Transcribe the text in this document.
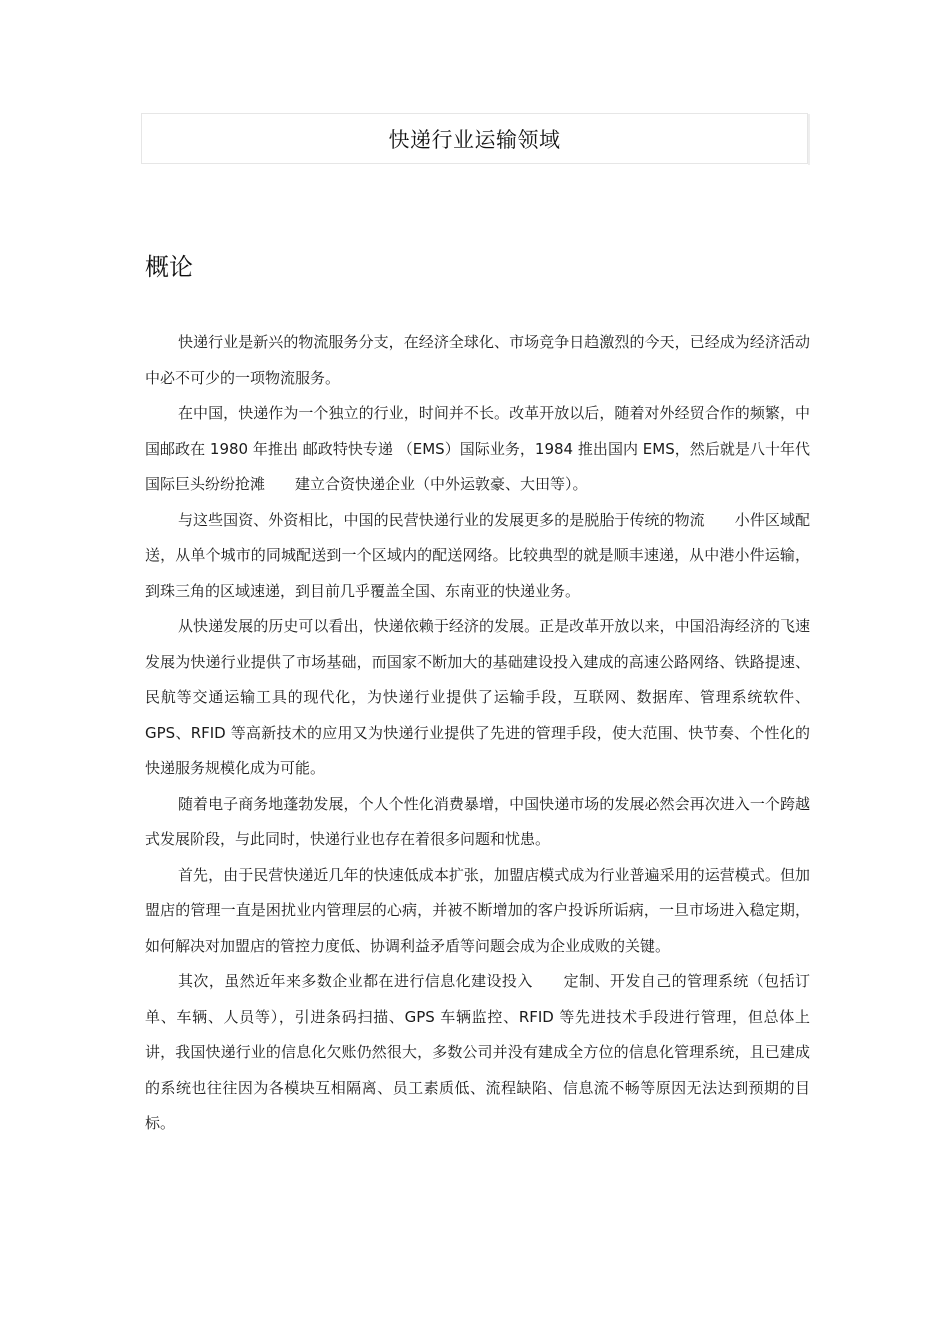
快递行业运输领域
概论

快递行业是新兴的物流服务分支，在经济全球化、市场竞争日趋激烈的今天，已经成为经济活动中必不可少的一项物流服务。

在中国，快递作为一个独立的行业，时间并不长。改革开放以后，随着对外经贸合作的频繁，中国邮政在 1980 年推出 邮政特快专递 （EMS）国际业务，1984 推出国内 EMS，然后就是八十年代国际巨头纷纷抢滩　　建立合资快递企业（中外运敦豪、大田等）。

与这些国资、外资相比，中国的民营快递行业的发展更多的是脱胎于传统的物流　　小件区域配送，从单个城市的同城配送到一个区域内的配送网络。比较典型的就是顺丰速递，从中港小件运输，到珠三角的区域速递，到目前几乎覆盖全国、东南亚的快递业务。

从快递发展的历史可以看出，快递依赖于经济的发展。正是改革开放以来，中国沿海经济的飞速发展为快递行业提供了市场基础，而国家不断加大的基础建设投入建成的高速公路网络、铁路提速、民航等交通运输工具的现代化，为快递行业提供了运输手段，互联网、数据库、管理系统软件、GPS、RFID 等高新技术的应用又为快递行业提供了先进的管理手段，使大范围、快节奏、个性化的快递服务规模化成为可能。

随着电子商务地蓬勃发展，个人个性化消费暴增，中国快递市场的发展必然会再次进入一个跨越式发展阶段，与此同时，快递行业也存在着很多问题和忧患。

首先，由于民营快递近几年的快速低成本扩张，加盟店模式成为行业普遍采用的运营模式。但加盟店的管理一直是困扰业内管理层的心病，并被不断增加的客户投诉所诟病，一旦市场进入稳定期，如何解决对加盟店的管控力度低、协调利益矛盾等问题会成为企业成败的关键。

其次，虽然近年来多数企业都在进行信息化建设投入　　定制、开发自己的管理系统（包括订单、车辆、人员等），引进条码扫描、GPS 车辆监控、RFID 等先进技术手段进行管理，但总体上讲，我国快递行业的信息化欠账仍然很大，多数公司并没有建成全方位的信息化管理系统，且已建成的系统也往往因为各模块互相隔离、员工素质低、流程缺陷、信息流不畅等原因无法达到预期的目标。
